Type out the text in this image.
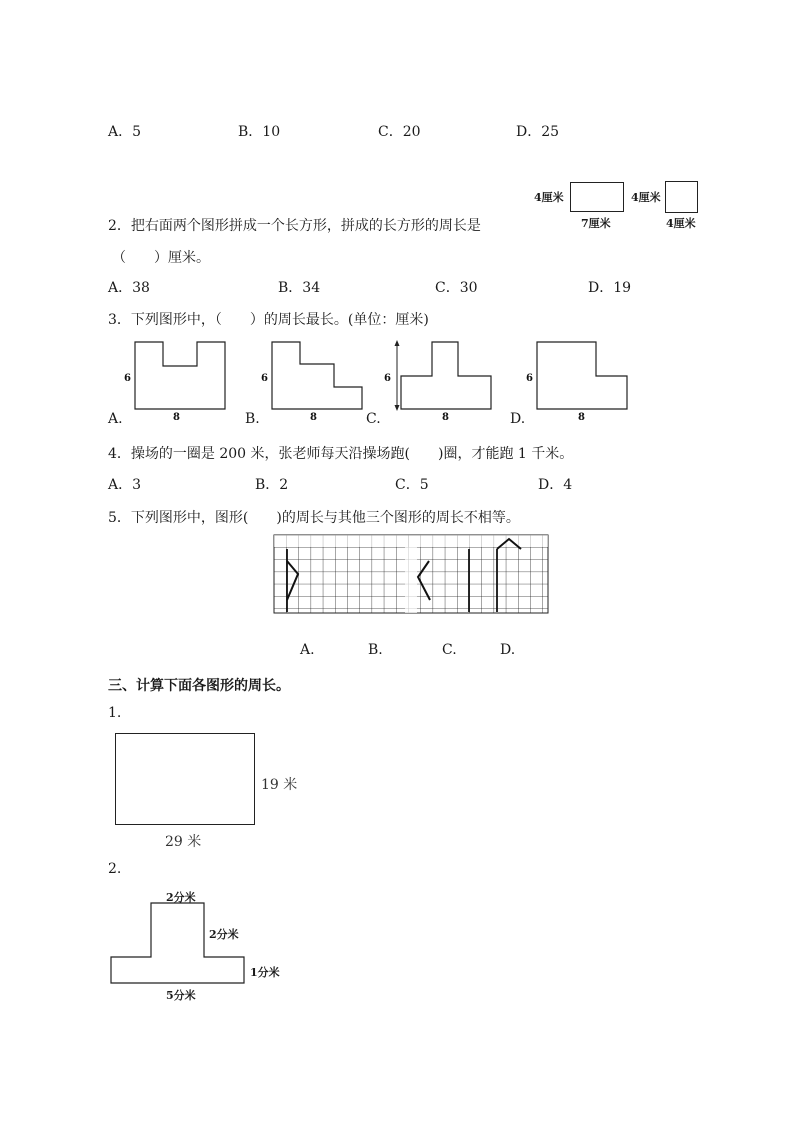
A．5	B．10	C．20	D．25
4厘米
7厘米
4厘米
4厘米
2．把右面两个图形拼成一个长方形，拼成的长方形的周长是
（　　）厘米。
A．38	B．34	C．30	D．19
3．下列图形中，（　　）的周长最长。(单位：厘米)
6
8
6
8
6
8
6
8
A.	B.	C.	D.
4．操场的一圈是 200 米，张老师每天沿操场跑(　　)圈，才能跑 1 千米。
A．3	B．2	C．5	D．4
5．下列图形中，图形(　　)的周长与其他三个图形的周长不相等。
A.	B.	C.	D.
三、计算下面各图形的周长。
1.
19 米
29 米
2.
2分米
2分米
1分米
5分米
